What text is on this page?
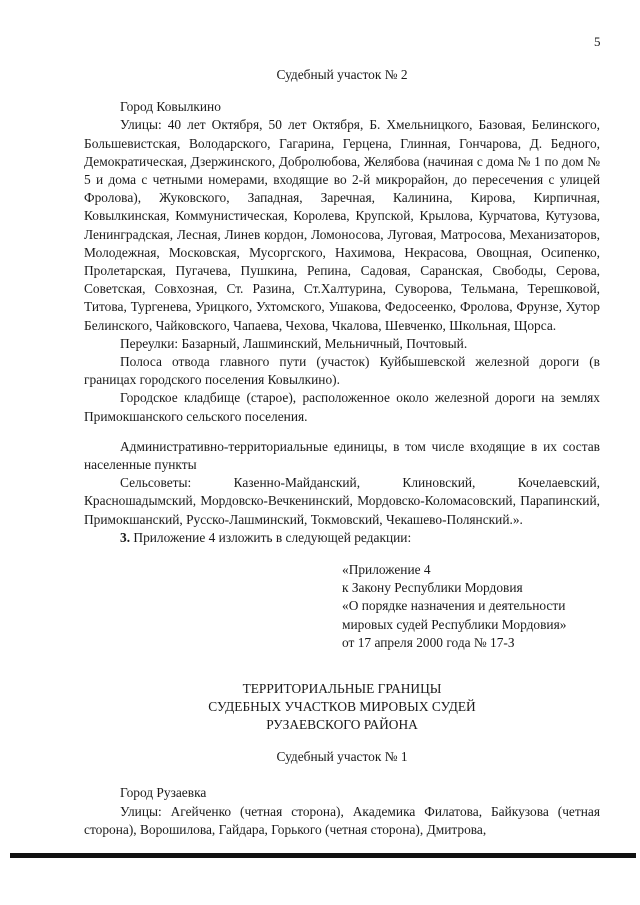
5
Судебный участок № 2

Город Ковылкино

Улицы: 40 лет Октября, 50 лет Октября, Б. Хмельницкого, Базовая, Белинского, Большевистская, Володарского, Гагарина, Герцена, Глинная, Гончарова, Д. Бедного, Демократическая, Дзержинского, Добролюбова, Желябова (начиная с дома № 1 по дом № 5 и дома с четными номерами, входящие во 2-й микрорайон, до пересечения с улицей Фролова), Жуковского, Западная, Заречная, Калинина, Кирова, Кирпичная, Ковылкинская, Коммунистическая, Королева, Крупской, Крылова, Курчатова, Кутузова, Ленинградская, Лесная, Линев кордон, Ломоносова, Луговая, Матросова, Механизаторов, Молодежная, Московская, Мусоргского, Нахимова, Некрасова, Овощная, Осипенко, Пролетарская, Пугачева, Пушкина, Репина, Садовая, Саранская, Свободы, Серова, Советская, Совхозная, Ст. Разина, Ст.Халтурина, Суворова, Тельмана, Терешковой, Титова, Тургенева, Урицкого, Ухтомского, Ушакова, Федосеенко, Фролова, Фрунзе, Хутор Белинского, Чайковского, Чапаева, Чехова, Чкалова, Шевченко, Школьная, Щорса.

Переулки: Базарный, Лашминский, Мельничный, Почтовый.

Полоса отвода главного пути (участок) Куйбышевской железной дороги (в границах городского поселения Ковылкино).

Городское кладбище (старое), расположенное около железной дороги на землях Примокшанского сельского поселения.

Административно-территориальные единицы, в том числе входящие в их состав населенные пункты

Сельсоветы:	Казенно-Майданский,	Клиновский,	Кочелаевский,

Красношадымский, Мордовско-Вечкенинский, Мордовско-Коломасовский, Парапинский, Примокшанский, Русско-Лашминский, Токмовский, Чекашево-Полянский.».

3. Приложение 4 изложить в следующей редакции:

«Приложение 4
к Закону Республики Мордовия
«О порядке назначения и деятельности
мировых судей Республики Мордовия»
от 17 апреля 2000 года № 17-З
ТЕРРИТОРИАЛЬНЫЕ ГРАНИЦЫ
СУДЕБНЫХ УЧАСТКОВ МИРОВЫХ СУДЕЙ
РУЗАЕВСКОГО РАЙОНА
Судебный участок № 1

Город Рузаевка

Улицы: Агейченко (четная сторона), Академика Филатова, Байкузова (четная сторона), Ворошилова, Гайдара, Горького (четная сторона), Дмитрова,
